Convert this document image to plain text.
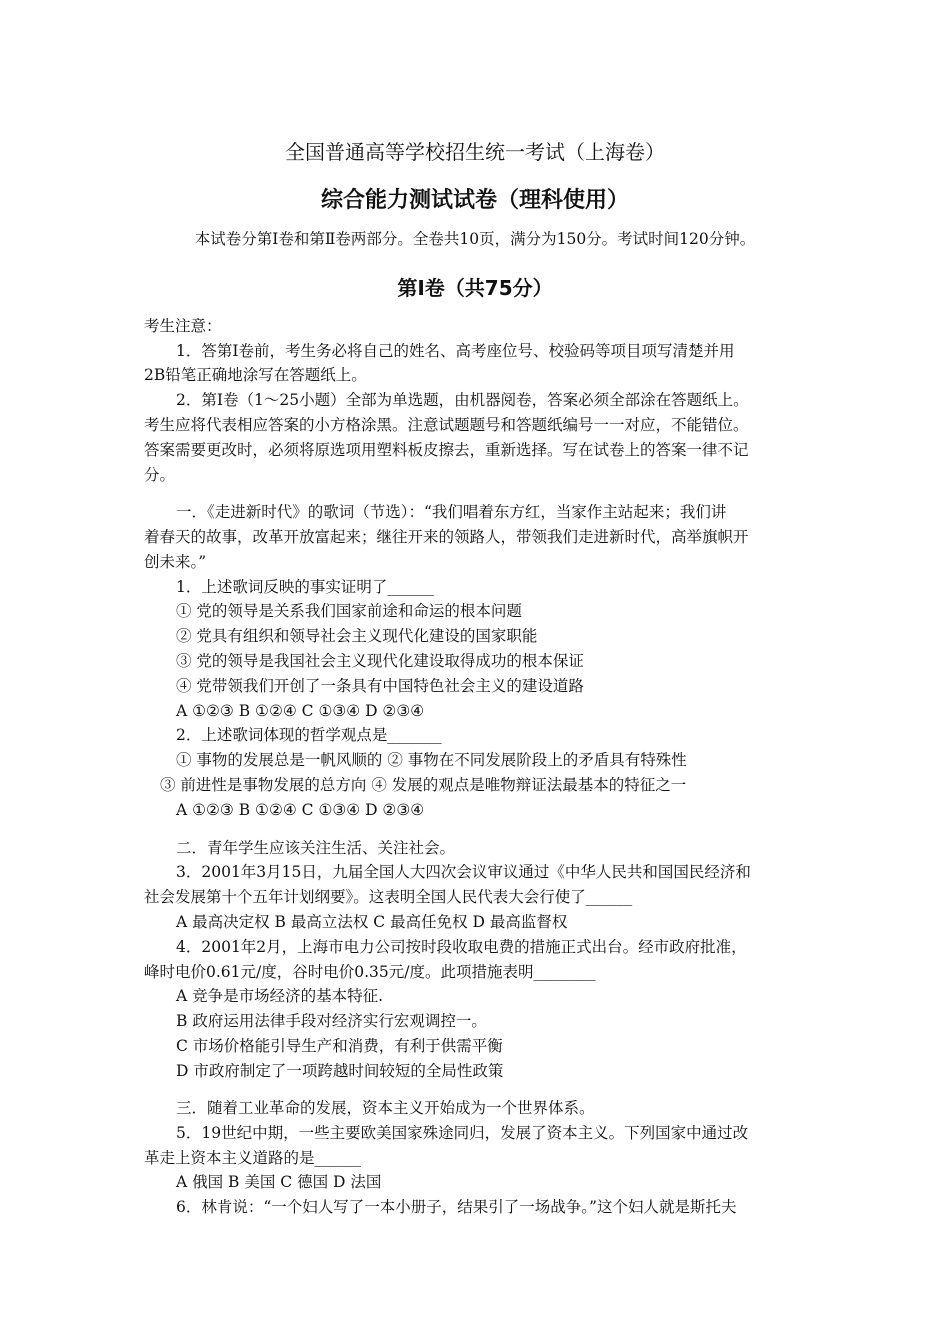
全国普通高等学校招生统一考试（上海卷）
综合能力测试试卷（理科使用）
本试卷分第Ⅰ卷和第Ⅱ卷两部分。全卷共10页，满分为150分。考试时间120分钟。
第Ⅰ卷（共75分）
考生注意：
1．答第Ⅰ卷前，考生务必将自己的姓名、高考座位号、校验码等项目项写清楚并用
2B铅笔正确地涂写在答题纸上。
2．第Ⅰ卷（1～25小题）全部为单选题，由机器阅卷，答案必须全部涂在答题纸上。
考生应将代表相应答案的小方格涂黑。注意试题题号和答题纸编号一一对应，不能错位。
答案需要更改时，必须将原选项用塑料板皮擦去，重新选择。写在试卷上的答案一律不记
分。
一．《走进新时代》的歌词（节选）：“我们唱着东方红，当家作主站起来；我们讲
着春天的故事，改革开放富起来；继往开来的领路人，带领我们走进新时代，高举旗帜开
创未来。”
1．上述歌词反映的事实证明了______
① 党的领导是关系我们国家前途和命运的根本问题
② 党具有组织和领导社会主义现代化建设的国家职能
③ 党的领导是我国社会主义现代化建设取得成功的根本保证
④ 党带领我们开创了一条具有中国特色社会主义的建设道路
A ①②③ B ①②④ C ①③④ D ②③④
2．上述歌词体现的哲学观点是_______
① 事物的发展总是一帆风顺的 ② 事物在不同发展阶段上的矛盾具有特殊性
③ 前进性是事物发展的总方向 ④ 发展的观点是唯物辩证法最基本的特征之一
A ①②③ B ①②④ C ①③④ D ②③④
二．青年学生应该关注生活、关注社会。
3．2001年3月15日，九届全国人大四次会议审议通过《中华人民共和国国民经济和
社会发展第十个五年计划纲要》。这表明全国人民代表大会行使了______
A 最高决定权 B 最高立法权 C 最高任免权 D 最高监督权
4．2001年2月，上海市电力公司按时段收取电费的措施正式出台。经市政府批准，
峰时电价0.61元/度，谷时电价0.35元/度。此项措施表明________
A 竞争是市场经济的基本特征.
B 政府运用法律手段对经济实行宏观调控一。
C 市场价格能引导生产和消费，有利于供需平衡
D 市政府制定了一项跨越时间较短的全局性政策
三．随着工业革命的发展，资本主义开始成为一个世界体系。
5．19世纪中期，一些主要欧美国家殊途同归，发展了资本主义。下列国家中通过改
革走上资本主义道路的是______
A 俄国 B 美国 C 德国 D 法国
6．林肯说：“一个妇人写了一本小册子，结果引了一场战争。”这个妇人就是斯托夫
